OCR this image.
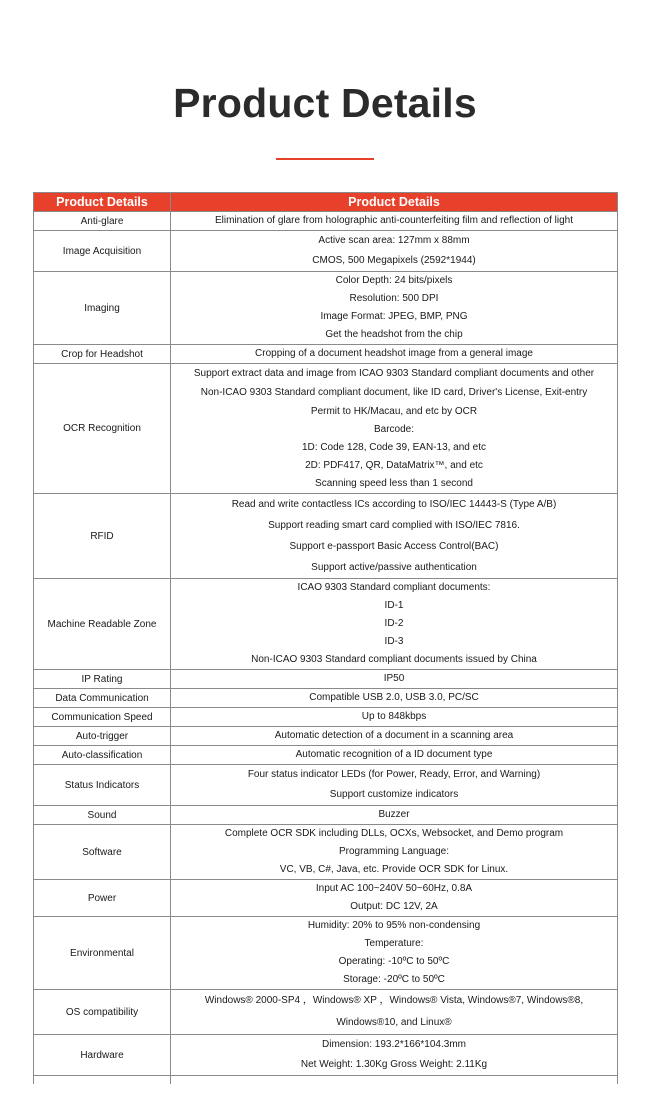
Product Details
Product Details	Product Details
Anti-glare	Elimination of glare from holographic anti-counterfeiting film and reflection of light

Image Acquisition	Active scan area: 127mm x 88mm
CMOS, 500 Megapixels (2592*1944)

Imaging	Color Depth: 24 bits/pixels
Resolution: 500 DPI
Image Format: JPEG, BMP, PNG
Get the headshot from the chip

Crop for Headshot	Cropping of a document headshot image from a general image

OCR Recognition	Support extract data and image from ICAO 9303 Standard compliant documents and other Non-ICAO 9303 Standard compliant document, like ID card, Driver's License, Exit-entry Permit to HK/Macau, and etc by OCR
Barcode:
1D: Code 128, Code 39, EAN-13, and etc
2D: PDF417, QR, DataMatrix™, and etc
Scanning speed less than 1 second

RFID	Read and write contactless ICs according to ISO/IEC 14443-S (Type A/B)
Support reading smart card complied with ISO/IEC 7816.
Support e-passport Basic Access Control(BAC)
Support active/passive authentication

Machine Readable Zone	ICAO 9303 Standard compliant documents:
ID-1
ID-2
ID-3
Non-ICAO 9303 Standard compliant documents issued by China

IP Rating	IP50

Data Communication	Compatible USB 2.0, USB 3.0, PC/SC

Communication Speed	Up to 848kbps

Auto-trigger	Automatic detection of a document in a scanning area

Auto-classification	Automatic recognition of a ID document type

Status Indicators	Four status indicator LEDs (for Power, Ready, Error, and Warning)
Support customize indicators

Sound	Buzzer

Software	Complete OCR SDK including DLLs, OCXs, Websocket, and Demo program
Programming Language:
VC, VB, C#, Java, etc. Provide OCR SDK for Linux.

Power	Input AC 100~240V 50~60Hz, 0.8A
Output: DC 12V, 2A

Environmental	Humidity: 20% to 95% non-condensing
Temperature:
Operating: -10ºC to 50ºC
Storage: -20ºC to 50ºC

OS compatibility	Windows® 2000-SP4 ，Windows® XP ，Windows® Vista, Windows®7, Windows®8, Windows®10, and Linux®

Hardware	Dimension: 193.2*166*104.3mm
Net Weight: 1.30Kg Gross Weight: 2.11Kg
